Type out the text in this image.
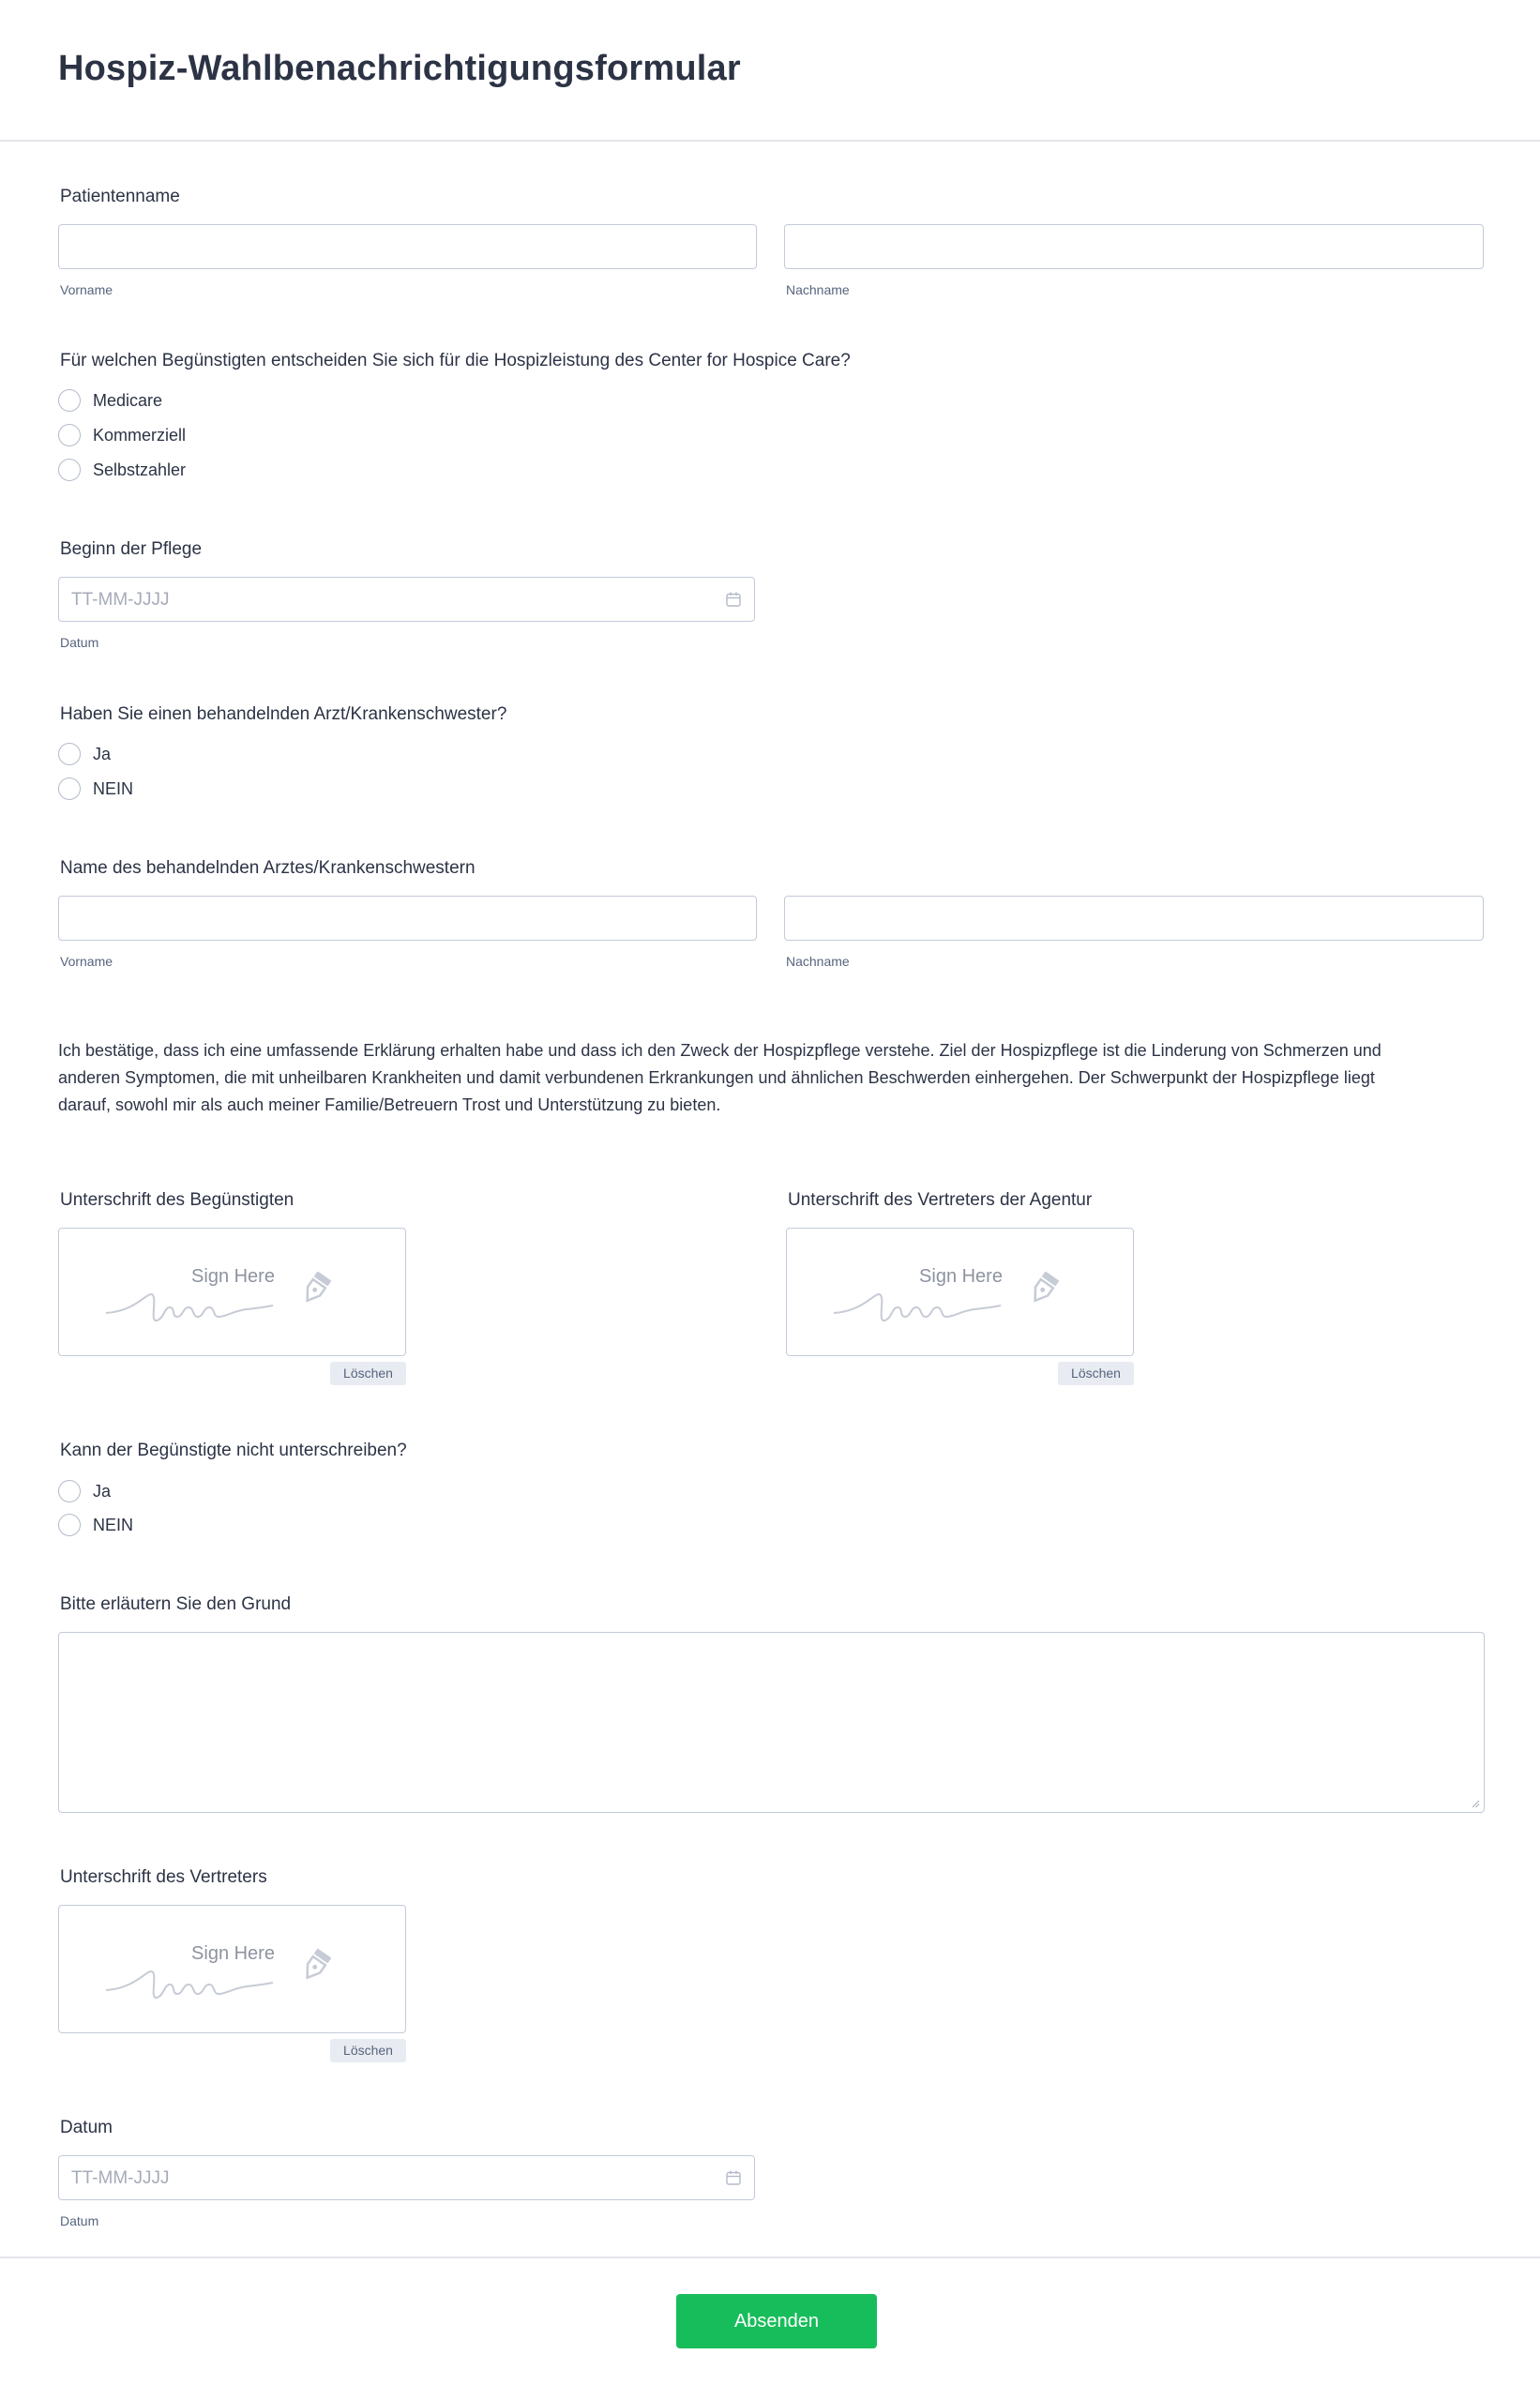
Hospiz-Wahlbenachrichtigungsformular
Patientenname
Vorname	Nachname
Für welchen Begünstigten entscheiden Sie sich für die Hospizleistung des Center for Hospice Care?
Medicare
Kommerziell
Selbstzahler
Beginn der Pflege
TT-MM-JJJJ
Datum
Haben Sie einen behandelnden Arzt/Krankenschwester?
Ja
NEIN
Name des behandelnden Arztes/Krankenschwestern
Vorname	Nachname
Ich bestätige, dass ich eine umfassende Erklärung erhalten habe und dass ich den Zweck der Hospizpflege verstehe. Ziel der Hospizpflege ist die Linderung von Schmerzen und
anderen Symptomen, die mit unheilbaren Krankheiten und damit verbundenen Erkrankungen und ähnlichen Beschwerden einhergehen. Der Schwerpunkt der Hospizpflege liegt
darauf, sowohl mir als auch meiner Familie/Betreuern Trost und Unterstützung zu bieten.
Unterschrift des Begünstigten
Sign Here
Löschen
Unterschrift des Vertreters der Agentur
Sign Here
Löschen
Kann der Begünstigte nicht unterschreiben?
Ja
NEIN
Bitte erläutern Sie den Grund
Unterschrift des Vertreters
Sign Here
Löschen
Datum
TT-MM-JJJJ
Datum
Absenden
